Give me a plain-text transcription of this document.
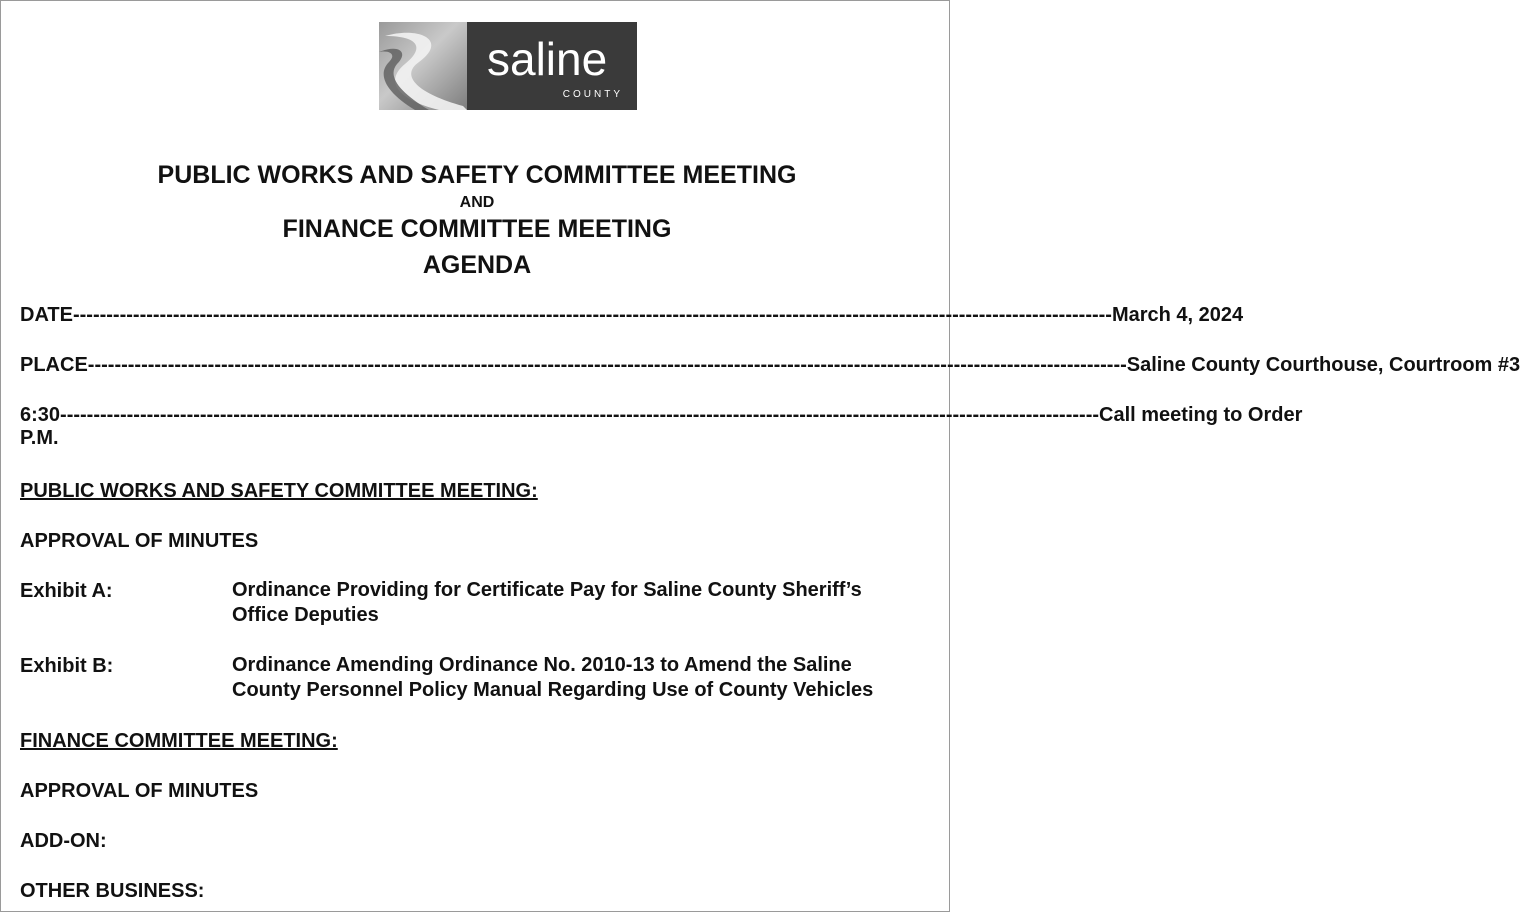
saline
COUNTY
PUBLIC WORKS AND SAFETY COMMITTEE MEETING
AND
FINANCE COMMITTEE MEETING
AGENDA
DATE ------------------------------------------------------------------------------------------------------------------------------------------------------------ March 4, 2024
PLACE ------------------------------------------------------------------------------------------------------------------------------------------------------------ Saline County Courthouse, Courtroom #3
6:30 P.M.
------------------------------------------------------------------------------------------------------------------------------------------------------------ Call meeting to Order
PUBLIC WORKS AND SAFETY COMMITTEE MEETING:
APPROVAL OF MINUTES
Exhibit A:	Ordinance Providing for Certificate Pay for Saline County Sheriff’s
Office Deputies
Exhibit B:	Ordinance Amending Ordinance No. 2010-13 to Amend the Saline
County Personnel Policy Manual Regarding Use of County Vehicles
FINANCE COMMITTEE MEETING:
APPROVAL OF MINUTES
ADD-ON:
OTHER BUSINESS:
